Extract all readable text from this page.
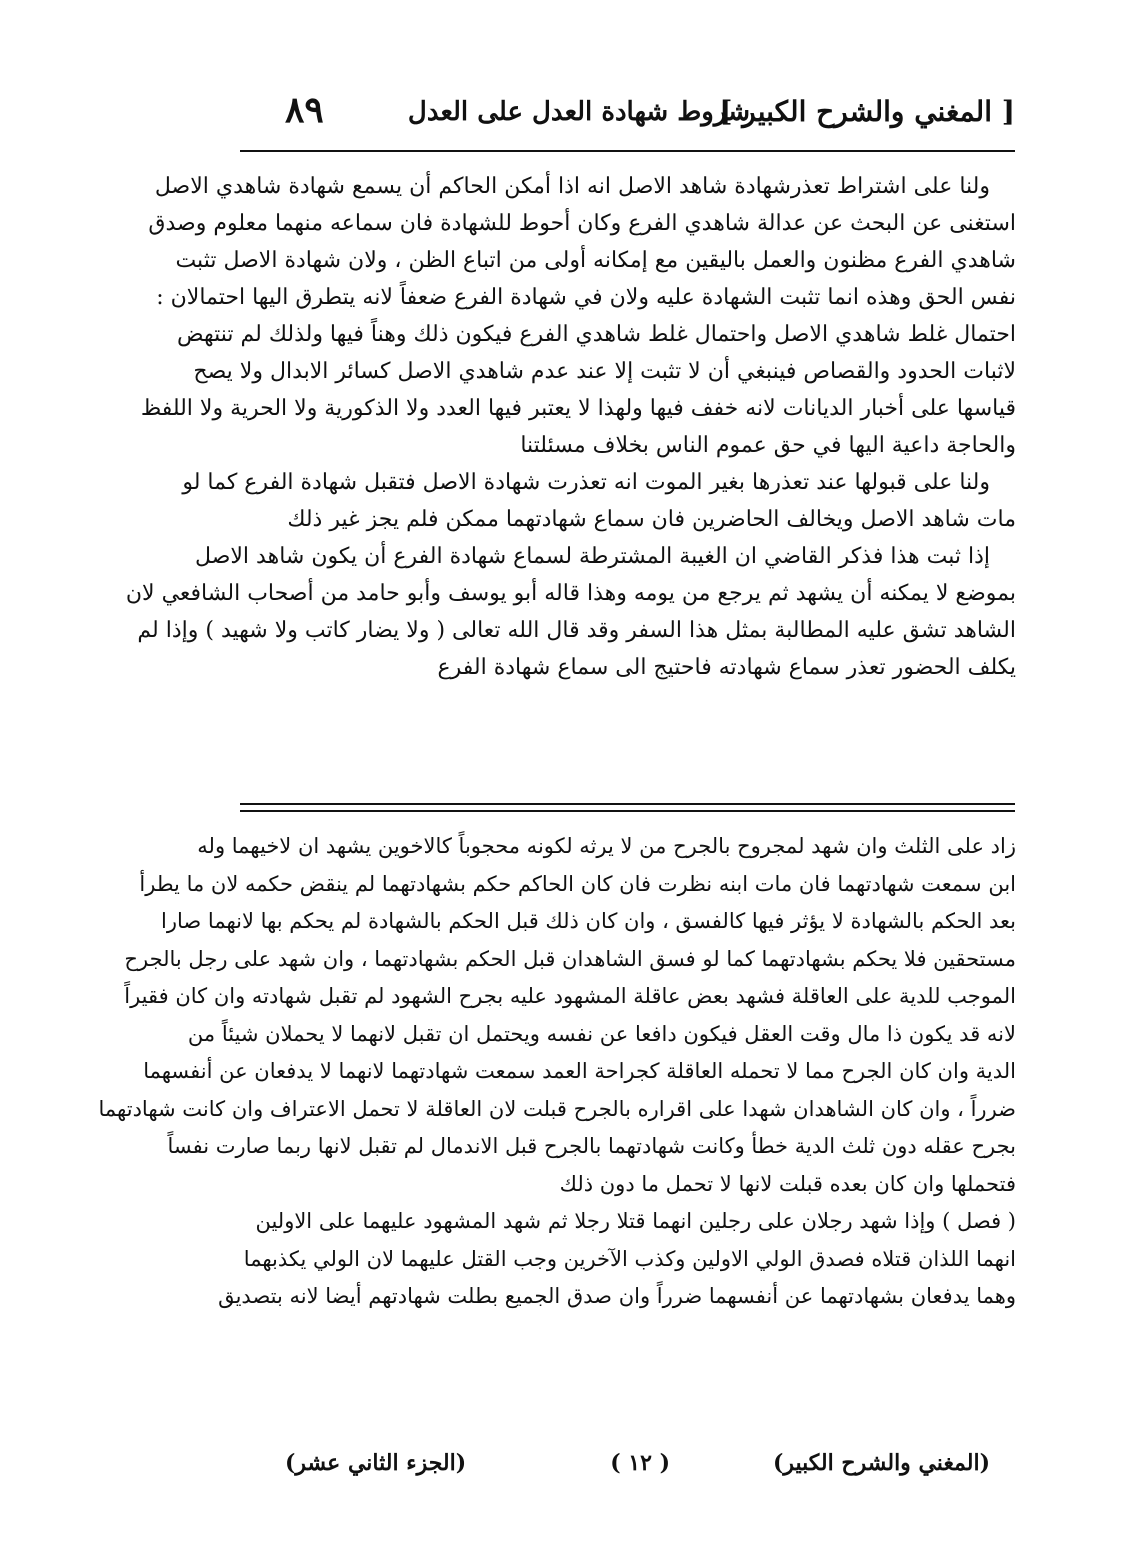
[ المغني والشرح الكبير ]
شروط شهادة العدل على العدل
٨٩
ولنا على اشتراط تعذرشهادة شاهد الاصل انه اذا أمكن الحاكم أن يسمع شهادة شاهدي الاصل
استغنى عن البحث عن عدالة شاهدي الفرع وكان أحوط للشهادة فان سماعه منهما معلوم وصدق
شاهدي الفرع مظنون والعمل باليقين مع إمكانه أولى من اتباع الظن ، ولان شهادة الاصل تثبت
نفس الحق وهذه انما تثبت الشهادة عليه ولان في شهادة الفرع ضعفاً لانه يتطرق اليها احتمالان :
احتمال غلط شاهدي الاصل واحتمال غلط شاهدي الفرع فيكون ذلك وهناً فيها ولذلك لم تنتهض
لاثبات الحدود والقصاص فينبغي أن لا تثبت إلا عند عدم شاهدي الاصل كسائر الابدال ولا يصح
قياسها على أخبار الديانات لانه خفف فيها ولهذا لا يعتبر فيها العدد ولا الذكورية ولا الحرية ولا اللفظ
والحاجة داعية اليها في حق عموم الناس بخلاف مسئلتنا
ولنا على قبولها عند تعذرها بغير الموت انه تعذرت شهادة الاصل فتقبل شهادة الفرع كما لو
مات شاهد الاصل ويخالف الحاضرين فان سماع شهادتهما ممكن فلم يجز غير ذلك
إذا ثبت هذا فذكر القاضي ان الغيبة المشترطة لسماع شهادة الفرع أن يكون شاهد الاصل
بموضع لا يمكنه أن يشهد ثم يرجع من يومه وهذا قاله أبو يوسف وأبو حامد من أصحاب الشافعي لان
الشاهد تشق عليه المطالبة بمثل هذا السفر وقد قال الله تعالى ( ولا يضار كاتب ولا شهيد ) وإذا لم
يكلف الحضور تعذر سماع شهادته فاحتيج الى سماع شهادة الفرع
زاد على الثلث وان شهد لمجروح بالجرح من لا يرثه لكونه محجوباً كالاخوين يشهد ان لاخيهما وله
ابن سمعت شهادتهما فان مات ابنه نظرت فان كان الحاكم حكم بشهادتهما لم ينقض حكمه لان ما يطرأ
بعد الحكم بالشهادة لا يؤثر فيها كالفسق ، وان كان ذلك قبل الحكم بالشهادة لم يحكم بها لانهما صارا
مستحقين فلا يحكم بشهادتهما كما لو فسق الشاهدان قبل الحكم بشهادتهما ، وان شهد على رجل بالجرح
الموجب للدية على العاقلة فشهد بعض عاقلة المشهود عليه بجرح الشهود لم تقبل شهادته وان كان فقيراً
لانه قد يكون ذا مال وقت العقل فيكون دافعا عن نفسه ويحتمل ان تقبل لانهما لا يحملان شيئاً من
الدية وان كان الجرح مما لا تحمله العاقلة كجراحة العمد سمعت شهادتهما لانهما لا يدفعان عن أنفسهما
ضرراً ، وان كان الشاهدان شهدا على اقراره بالجرح قبلت لان العاقلة لا تحمل الاعتراف وان كانت شهادتهما
بجرح عقله دون ثلث الدية خطأ وكانت شهادتهما بالجرح قبل الاندمال لم تقبل لانها ربما صارت نفساً
فتحملها وان كان بعده قبلت لانها لا تحمل ما دون ذلك
( فصل ) وإذا شهد رجلان على رجلين انهما قتلا رجلا ثم شهد المشهود عليهما على الاولين
انهما اللذان قتلاه فصدق الولي الاولين وكذب الآخرين وجب القتل عليهما لان الولي يكذبهما
وهما يدفعان بشهادتهما عن أنفسهما ضرراً وان صدق الجميع بطلت شهادتهم أيضا لانه بتصديق
(المغني والشرح الكبير)
( ١٢ )
(الجزء الثاني عشر)
